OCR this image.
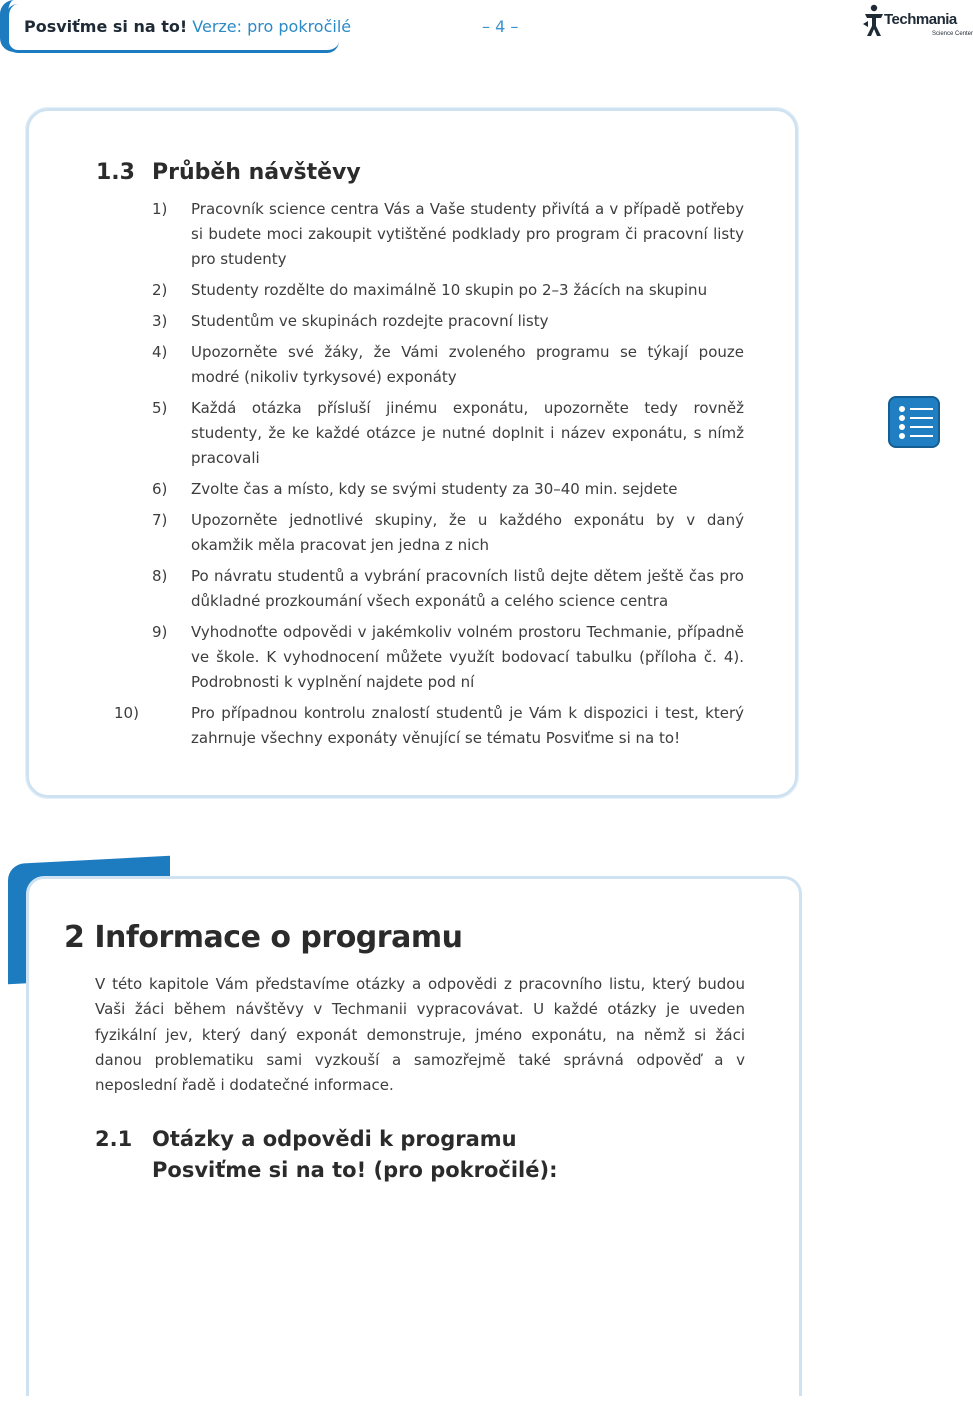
Posviťme si na to! Verze: pro pokročilé	– 4 –	Techmania
Science Center
1.3 Průběh návštěvy
1)	Pracovník science centra Vás a Vaše studenty přivítá a v případě potřeby si budete moci zakoupit vytištěné podklady pro program či pracovní listy pro studenty
2)	Studenty rozdělte do maximálně 10 skupin po 2–3 žácích na skupinu
3)	Studentům ve skupinách rozdejte pracovní listy
4)	Upozorněte své žáky, že Vámi zvoleného programu se týkají pouze modré (nikoliv tyrkysové) exponáty
5)	Každá otázka přísluší jinému exponátu, upozorněte tedy rovněž studenty, že ke každé otázce je nutné doplnit i název exponátu, s nímž pracovali
6)	Zvolte čas a místo, kdy se svými studenty za 30–40 min. sejdete
7)	Upozorněte jednotlivé skupiny, že u každého exponátu by v daný okamžik měla pracovat jen jedna z nich
8)	Po návratu studentů a vybrání pracovních listů dejte dětem ještě čas pro důkladné prozkoumání všech exponátů a celého science centra
9)	Vyhodnoťte odpovědi v jakémkoliv volném prostoru Techmanie, případně ve škole. K vyhodnocení můžete využít bodovací tabulku (příloha č. 4). Podrobnosti k vyplnění najdete pod ní
10)	Pro případnou kontrolu znalostí studentů je Vám k dispozici i test, který zahrnuje všechny exponáty věnující se tématu Posviťme si na to!
2 Informace o programu

V této kapitole Vám představíme otázky a odpovědi z pracovního listu, který budou Vaši žáci během návštěvy v Techmanii vypracovávat. U každé otázky je uveden fyzikální jev, který daný exponát demonstruje, jméno exponátu, na němž si žáci danou problematiku sami vyzkouší a samozřejmě také správná odpověď a v neposlední řadě i dodatečné informace.

2.1 Otázky a odpovědi k programu
Posviťme si na to! (pro pokročilé):
